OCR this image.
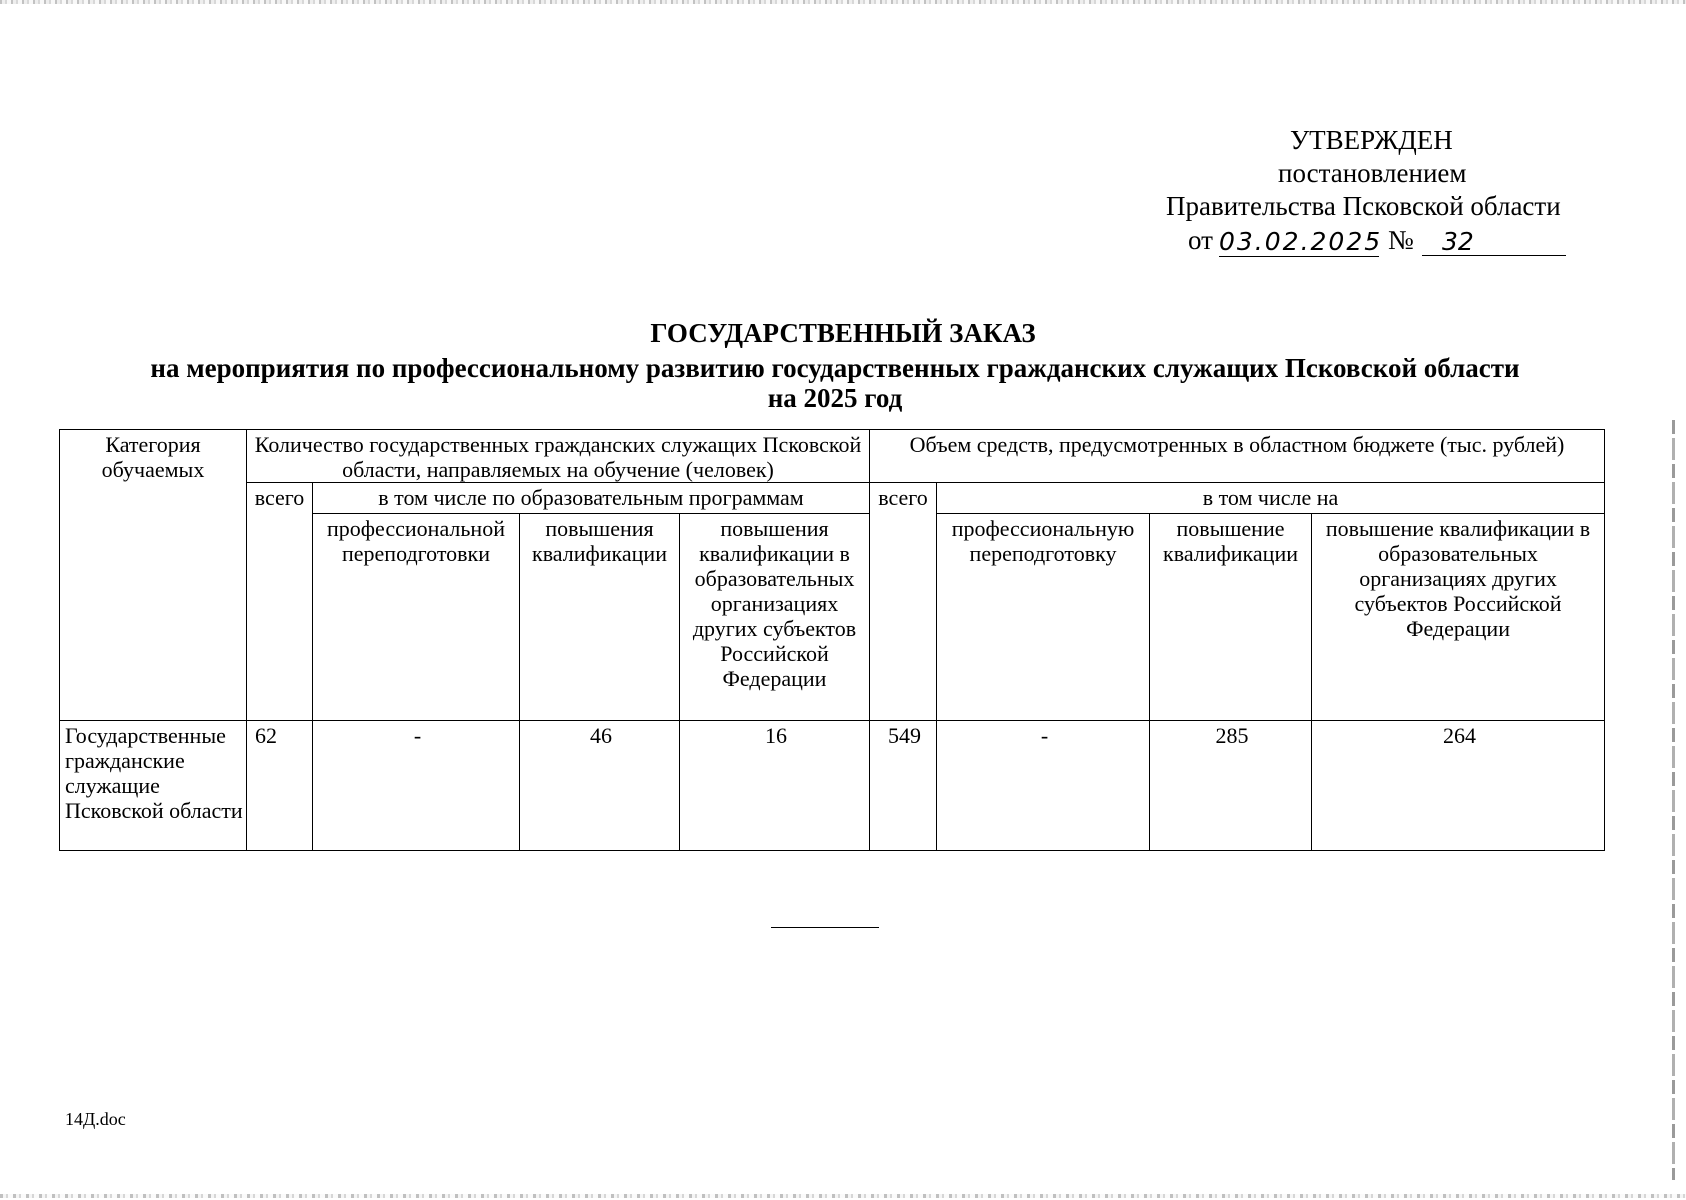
УТВЕРЖДЕН
постановлением
Правительства Псковской области
от 03.02.2025 №	32
ГОСУДАРСТВЕННЫЙ ЗАКАЗ
на мероприятия по профессиональному развитию государственных гражданских служащих Псковской области
на 2025 год
Категория обучаемых	Количество государственных гражданских служащих Псковской области, направляемых на обучение (человек)				Объем средств, предусмотренных в областном бюджете (тыс. рублей)			
	всего	в том числе по образовательным программам			всего	в том числе на		
		профессиональной переподготовки	повышения квалификации	повышения квалификации в образовательных организациях других субъектов Российской Федерации		профессиональную переподготовку	повышение квалификации	повышение квалификации в образовательных организациях других субъектов Российской Федерации
Государственные гражданские служащие Псковской области	62	-	46	16	549	-	285	264
14Д.doc
